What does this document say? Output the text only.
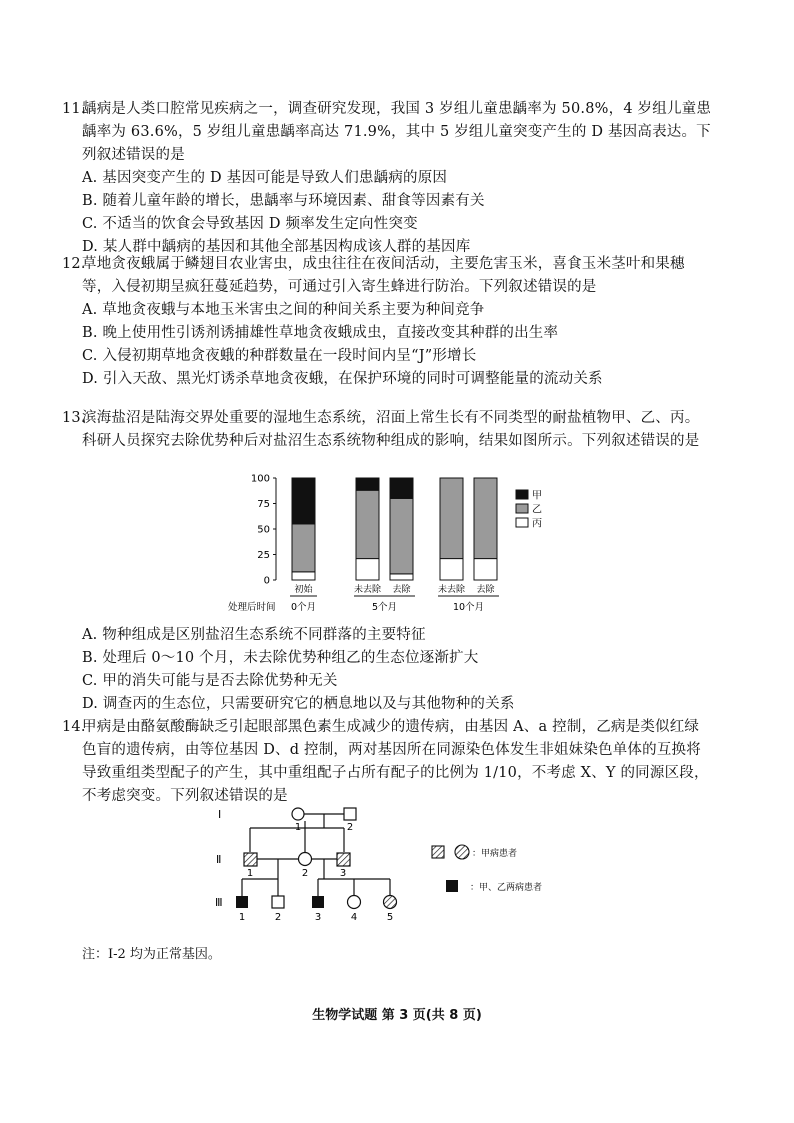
11.
龋病是人类口腔常见疾病之一，调查研究发现，我国 3 岁组儿童患龋率为 50.8%，4 岁组儿童患龋率为 63.6%，5 岁组儿童患龋率高达 71.9%，其中 5 岁组儿童突变产生的 D 基因高表达。下列叙述错误的是
A. 基因突变产生的 D 基因可能是导致人们患龋病的原因
B. 随着儿童年龄的增长，患龋率与环境因素、甜食等因素有关
C. 不适当的饮食会导致基因 D 频率发生定向性突变
D. 某人群中龋病的基因和其他全部基因构成该人群的基因库
12.
草地贪夜蛾属于鳞翅目农业害虫，成虫往往在夜间活动，主要危害玉米，喜食玉米茎叶和果穗等，入侵初期呈疯狂蔓延趋势，可通过引入寄生蜂进行防治。下列叙述错误的是
A. 草地贪夜蛾与本地玉米害虫之间的种间关系主要为种间竞争
B. 晚上使用性引诱剂诱捕雄性草地贪夜蛾成虫，直接改变其种群的出生率
C. 入侵初期草地贪夜蛾的种群数量在一段时间内呈“J”形增长
D. 引入天敌、黑光灯诱杀草地贪夜蛾，在保护环境的同时可调整能量的流动关系
13.
滨海盐沼是陆海交界处重要的湿地生态系统，沼面上常生长有不同类型的耐盐植物甲、乙、丙。科研人员探究去除优势种后对盐沼生态系统物种组成的影响，结果如图所示。下列叙述错误的是
0
25
50
75
100
初始	未去除 去除	未去除 去除
0个月	5个月	10个月
处理后时间
甲
乙
丙
A. 物种组成是区别盐沼生态系统不同群落的主要特征
B. 处理后 0～10 个月，未去除优势种组乙的生态位逐渐扩大
C. 甲的消失可能与是否去除优势种无关
D. 调查丙的生态位，只需要研究它的栖息地以及与其他物种的关系
14.
甲病是由酪氨酸酶缺乏引起眼部黑色素生成减少的遗传病，由基因 A、a 控制，乙病是类似红绿色盲的遗传病，由等位基因 D、d 控制，两对基因所在同源染色体发生非姐妹染色单体的互换将导致重组类型配子的产生，其中重组配子占所有配子的比例为 1/10，不考虑 X、Y 的同源区段，不考虑突变。下列叙述错误的是
Ⅰ
Ⅱ
Ⅲ
1	2
1	2	3
1	2	3	4	5
：甲病患者
：甲、乙两病患者
注：Ⅰ-2 均为正常基因。
生物学试题 第 3 页(共 8 页)
